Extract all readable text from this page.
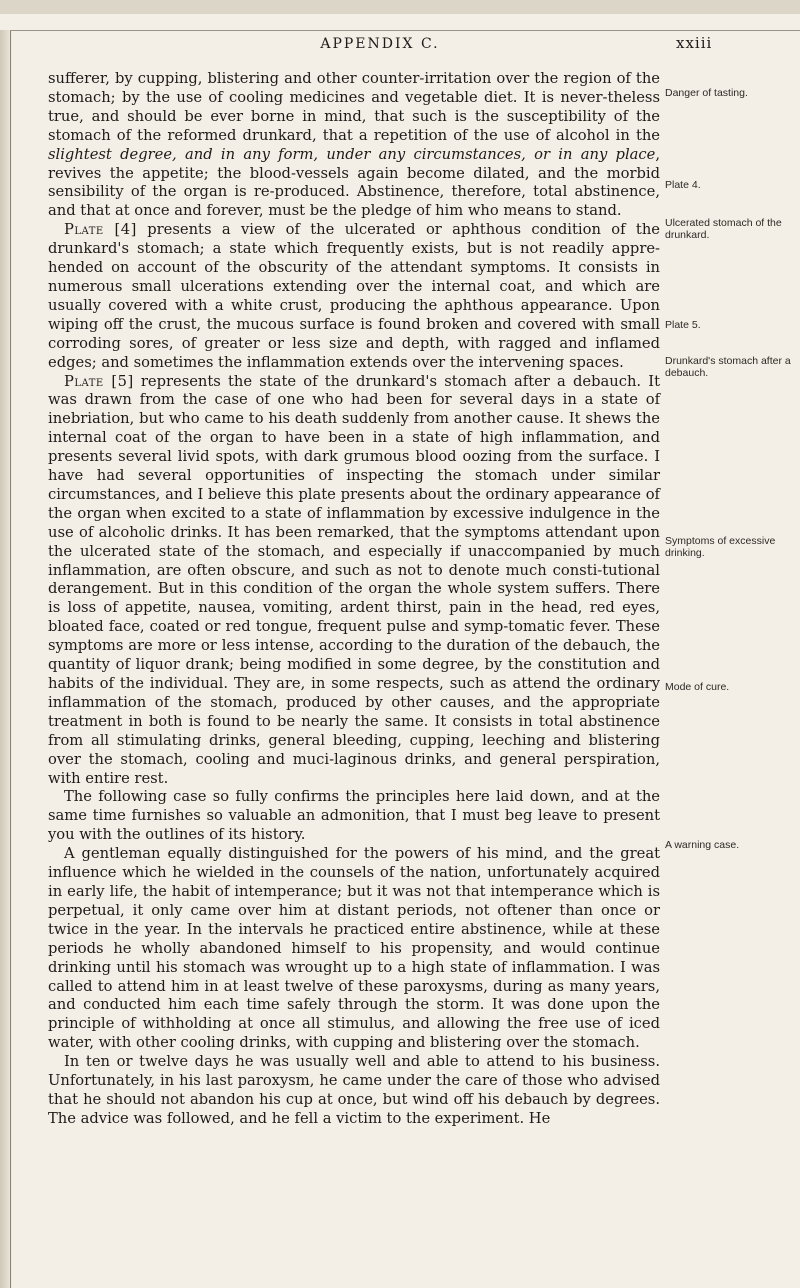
APPENDIX C.	xxiii

sufferer, by cupping, blistering and other counter-irritation over the region of the stomach; by the use of cooling medicines and vegetable diet. It is never-theless true, and should be ever borne in mind, that such is the susceptibility of the stomach of the reformed drunkard, that a repetition of the use of alcohol in the slightest degree, and in any form, under any circumstances, or in any place, revives the appetite; the blood-vessels again become dilated, and the morbid sensibility of the organ is re-produced. Abstinence, therefore, total abstinence, and that at once and forever, must be the pledge of him who means to stand.

Plate [4] presents a view of the ulcerated or aphthous condition of the drunkard's stomach; a state which frequently exists, but is not readily appre-hended on account of the obscurity of the attendant symptoms. It consists in numerous small ulcerations extending over the internal coat, and which are usually covered with a white crust, producing the aphthous appearance. Upon wiping off the crust, the mucous surface is found broken and covered with small corroding sores, of greater or less size and depth, with ragged and inflamed edges; and sometimes the inflammation extends over the intervening spaces.

Plate [5] represents the state of the drunkard's stomach after a debauch. It was drawn from the case of one who had been for several days in a state of inebriation, but who came to his death suddenly from another cause. It shews the internal coat of the organ to have been in a state of high inflammation, and presents several livid spots, with dark grumous blood oozing from the surface. I have had several opportunities of inspecting the stomach under similar circumstances, and I believe this plate presents about the ordinary appearance of the organ when excited to a state of inflammation by excessive indulgence in the use of alcoholic drinks. It has been remarked, that the symptoms attendant upon the ulcerated state of the stomach, and especially if unaccompanied by much inflammation, are often obscure, and such as not to denote much consti-tutional derangement. But in this condition of the organ the whole system suffers. There is loss of appetite, nausea, vomiting, ardent thirst, pain in the head, red eyes, bloated face, coated or red tongue, frequent pulse and symp-tomatic fever. These symptoms are more or less intense, according to the duration of the debauch, the quantity of liquor drank; being modified in some degree, by the constitution and habits of the individual. They are, in some respects, such as attend the ordinary inflammation of the stomach, produced by other causes, and the appropriate treatment in both is found to be nearly the same. It consists in total abstinence from all stimulating drinks, general bleeding, cupping, leeching and blistering over the stomach, cooling and muci-laginous drinks, and general perspiration, with entire rest.

The following case so fully confirms the principles here laid down, and at the same time furnishes so valuable an admonition, that I must beg leave to present you with the outlines of its history.

A gentleman equally distinguished for the powers of his mind, and the great influence which he wielded in the counsels of the nation, unfortunately acquired in early life, the habit of intemperance; but it was not that intemperance which is perpetual, it only came over him at distant periods, not oftener than once or twice in the year. In the intervals he practiced entire abstinence, while at these periods he wholly abandoned himself to his propensity, and would continue drinking until his stomach was wrought up to a high state of inflammation. I was called to attend him in at least twelve of these paroxysms, during as many years, and conducted him each time safely through the storm. It was done upon the principle of withholding at once all stimulus, and allowing the free use of iced water, with other cooling drinks, with cupping and blistering over the stomach.

In ten or twelve days he was usually well and able to attend to his business. Unfortunately, in his last paroxysm, he came under the care of those who advised that he should not abandon his cup at once, but wind off his debauch by degrees. The advice was followed, and he fell a victim to the experiment. He

Danger of tasting.
Plate 4.
Ulcerated stomach of the drunkard.
Plate 5.
Drunkard's stomach after a debauch.
Symptoms of excessive drinking.
Mode of cure.
A warning case.
